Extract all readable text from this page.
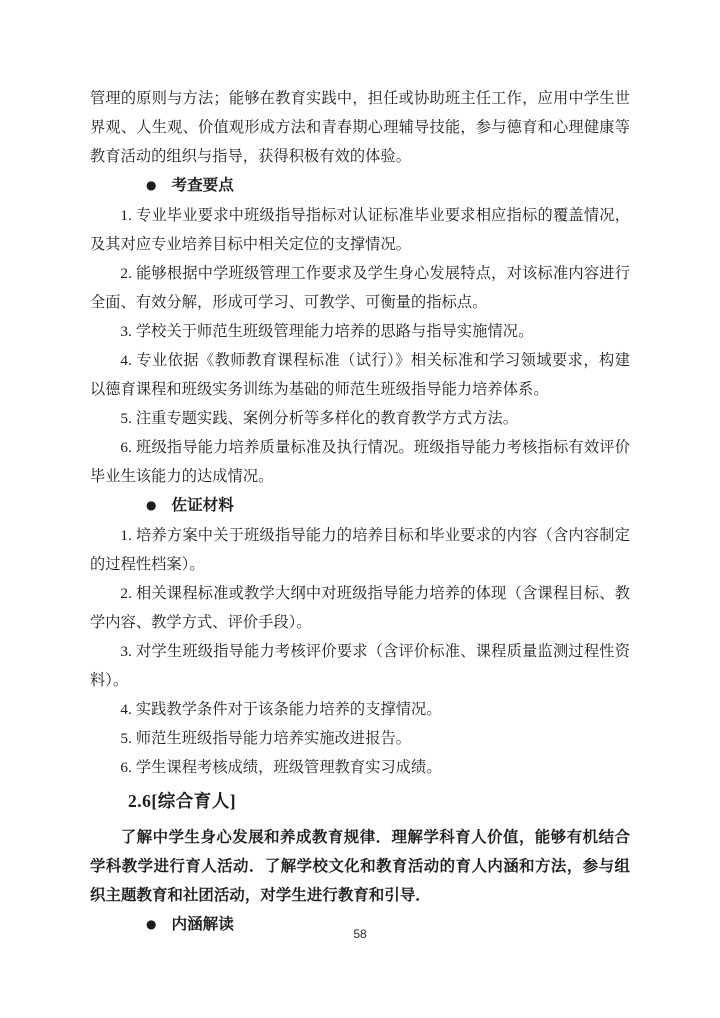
管理的原则与方法；能够在教育实践中，担任或协助班主任工作，应用中学生世界观、人生观、价值观形成方法和青春期心理辅导技能，参与德育和心理健康等教育活动的组织与指导，获得积极有效的体验。

● 考查要点

1. 专业毕业要求中班级指导指标对认证标准毕业要求相应指标的覆盖情况，及其对应专业培养目标中相关定位的支撑情况。

2. 能够根据中学班级管理工作要求及学生身心发展特点，对该标准内容进行全面、有效分解，形成可学习、可教学、可衡量的指标点。

3. 学校关于师范生班级管理能力培养的思路与指导实施情况。

4. 专业依据《教师教育课程标准（试行）》相关标准和学习领域要求，构建以德育课程和班级实务训练为基础的师范生班级指导能力培养体系。

5. 注重专题实践、案例分析等多样化的教育教学方式方法。

6. 班级指导能力培养质量标准及执行情况。班级指导能力考核指标有效评价毕业生该能力的达成情况。

● 佐证材料

1. 培养方案中关于班级指导能力的培养目标和毕业要求的内容（含内容制定的过程性档案）。

2. 相关课程标准或教学大纲中对班级指导能力培养的体现（含课程目标、教学内容、教学方式、评价手段）。

3. 对学生班级指导能力考核评价要求（含评价标准、课程质量监测过程性资料）。

4. 实践教学条件对于该条能力培养的支撑情况。

5. 师范生班级指导能力培养实施改进报告。

6. 学生课程考核成绩，班级管理教育实习成绩。

2.6[综合育人]

了解中学生身心发展和养成教育规律．理解学科育人价值，能够有机结合学科教学进行育人活动．了解学校文化和教育活动的育人内涵和方法，参与组织主题教育和社团活动，对学生进行教育和引导．

● 内涵解读
58
